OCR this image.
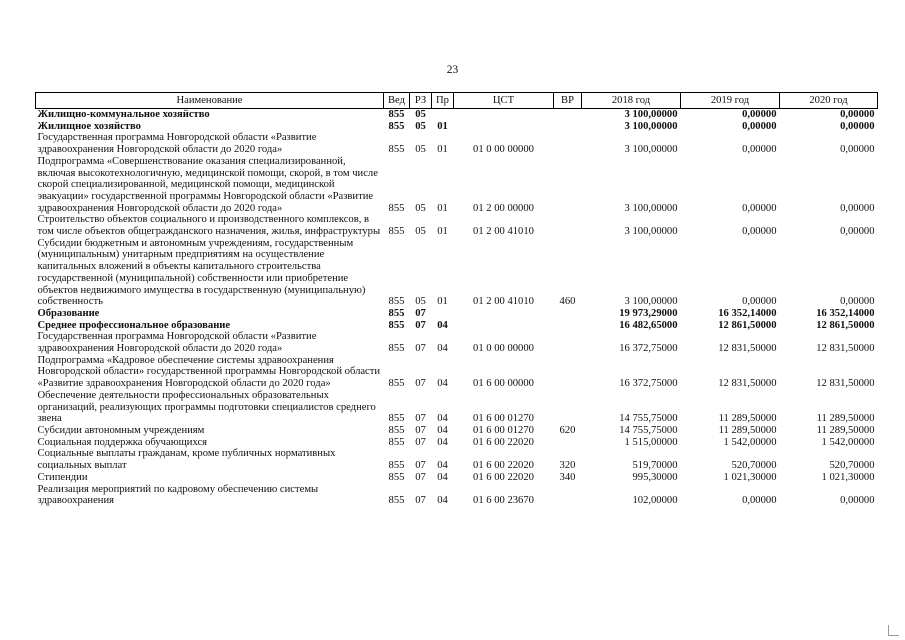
23
Наименование	Вед	РЗ	Пр	ЦСТ	ВР	2018 год	2019 год	2020 год
Жилищно-коммунальное хозяйство	855	05				3 100,00000	0,00000	0,00000
Жилищное хозяйство	855	05	01			3 100,00000	0,00000	0,00000
Государственная программа Новгородской области «Развитие здравоохранения Новгородской области до 2020 года»	855	05	01	01 0 00 00000		3 100,00000	0,00000	0,00000
Подпрограмма «Совершенствование оказания специализированной, включая высокотехнологичную, медицинской помощи, скорой, в том числе скорой специализированной, медицинской помощи, медицинской эвакуации» государственной программы Новгородской области «Развитие здравоохранения Новгородской области до 2020 года»	855	05	01	01 2 00 00000		3 100,00000	0,00000	0,00000
Строительство объектов социального и производственного комплексов, в том числе объектов общегражданского назначения, жилья, инфраструктуры	855	05	01	01 2 00 41010		3 100,00000	0,00000	0,00000
Субсидии бюджетным и автономным учреждениям, государственным (муниципальным) унитарным предприятиям на осуществление капитальных вложений в объекты капитального строительства государственной (муниципальной) собственности или приобретение объектов недвижимого имущества в государственную (муниципальную) собственность	855	05	01	01 2 00 41010	460	3 100,00000	0,00000	0,00000
Образование	855	07				19 973,29000	16 352,14000	16 352,14000
Среднее профессиональное образование	855	07	04			16 482,65000	12 861,50000	12 861,50000
Государственная программа Новгородской области «Развитие здравоохранения Новгородской области до 2020 года»	855	07	04	01 0 00 00000		16 372,75000	12 831,50000	12 831,50000
Подпрограмма «Кадровое обеспечение системы здравоохранения Новгородской области» государственной программы Новгородской области «Развитие здравоохранения Новгородской области до 2020 года»	855	07	04	01 6 00 00000		16 372,75000	12 831,50000	12 831,50000
Обеспечение деятельности профессиональных образовательных организаций, реализующих программы подготовки специалистов среднего звена	855	07	04	01 6 00 01270		14 755,75000	11 289,50000	11 289,50000
Субсидии автономным учреждениям	855	07	04	01 6 00 01270	620	14 755,75000	11 289,50000	11 289,50000
Социальная поддержка обучающихся	855	07	04	01 6 00 22020		1 515,00000	1 542,00000	1 542,00000
Социальные выплаты гражданам, кроме публичных нормативных социальных выплат	855	07	04	01 6 00 22020	320	519,70000	520,70000	520,70000
Стипендии	855	07	04	01 6 00 22020	340	995,30000	1 021,30000	1 021,30000
Реализация мероприятий по кадровому обеспечению системы здравоохранения	855	07	04	01 6 00 23670		102,00000	0,00000	0,00000
